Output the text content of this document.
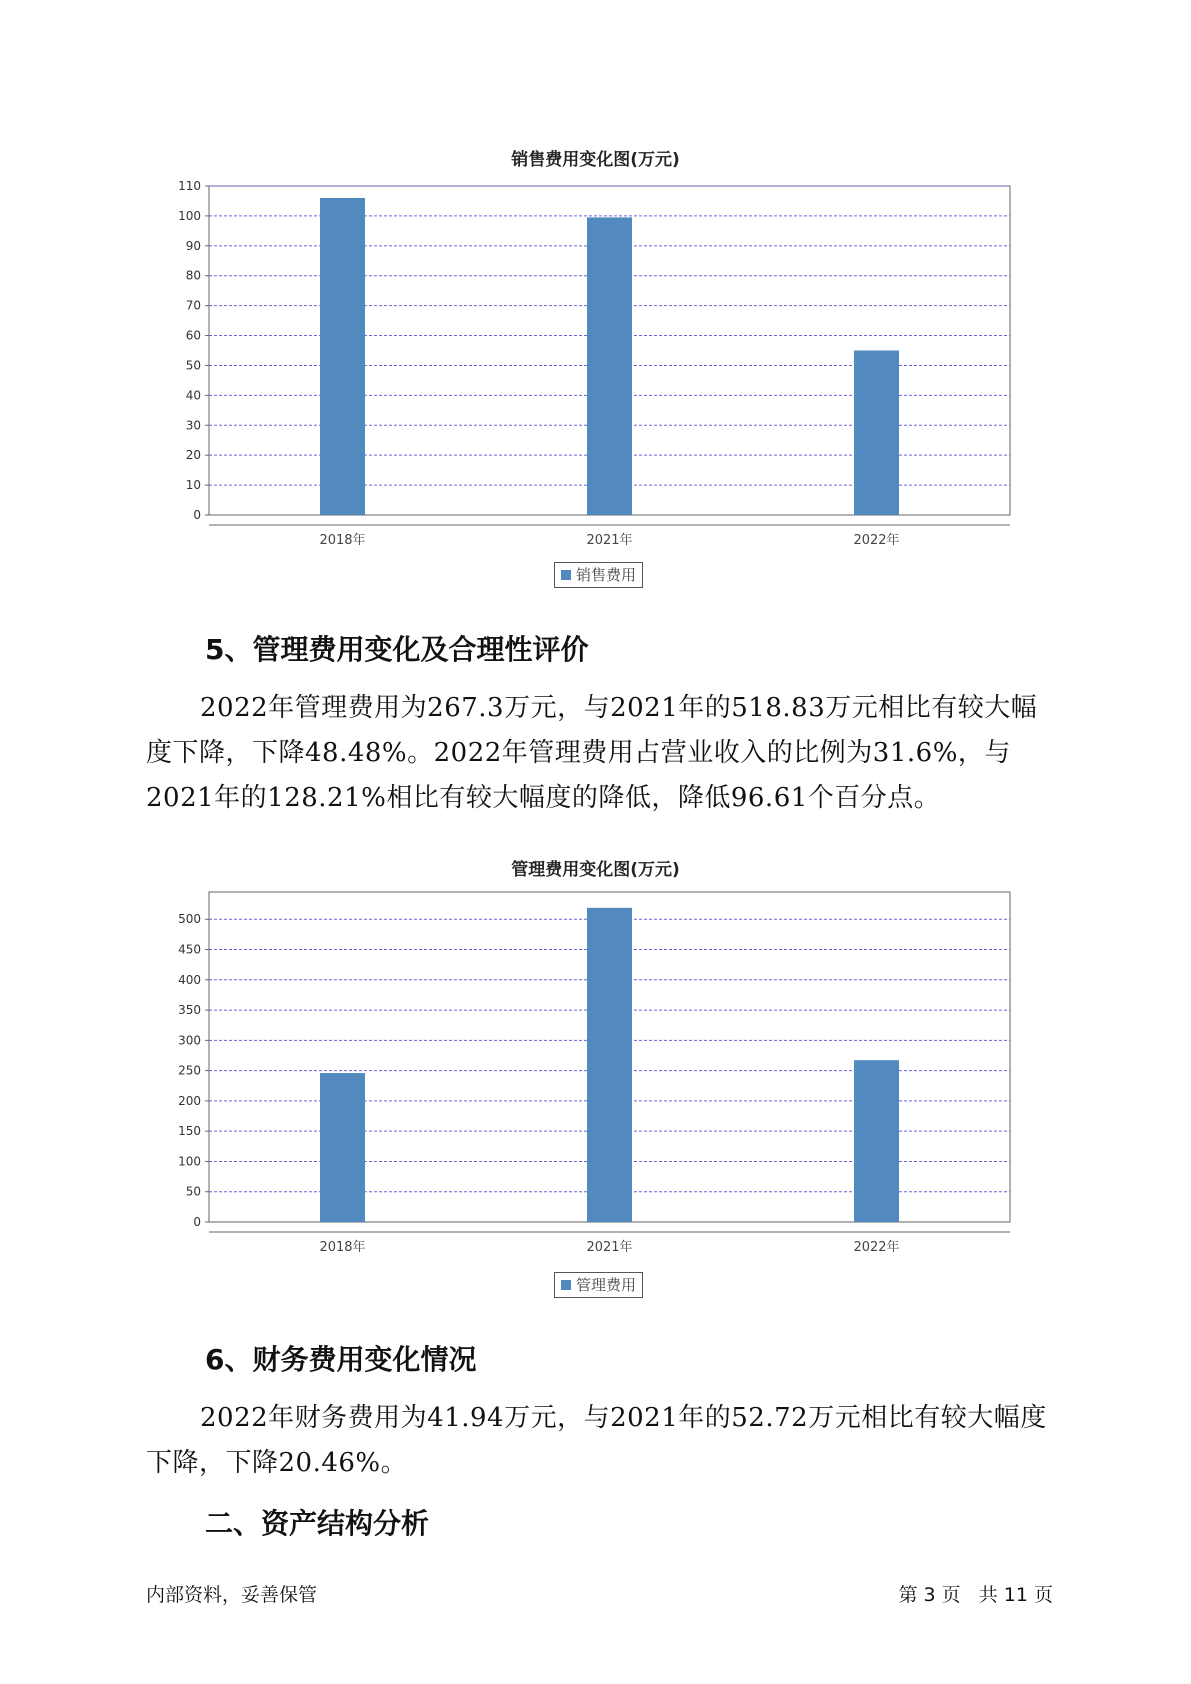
销售费用变化图(万元)
0
10
20
30
40
50
60
70
80
90
100
110
2018年	2021年	2022年
销售费用
5、管理费用变化及合理性评价

2022年管理费用为267.3万元，与2021年的518.83万元相比有较大幅度下降，下降48.48%。2022年管理费用占营业收入的比例为31.6%，与2021年的128.21%相比有较大幅度的降低，降低96.61个百分点。

管理费用变化图(万元)
0
50
100
150
200
250
300
350
400
450
500
2018年	2021年	2022年
管理费用
6、财务费用变化情况

2022年财务费用为41.94万元，与2021年的52.72万元相比有较大幅度下降，下降20.46%。

二、资产结构分析
内部资料，妥善保管	第 3 页   共 11 页
